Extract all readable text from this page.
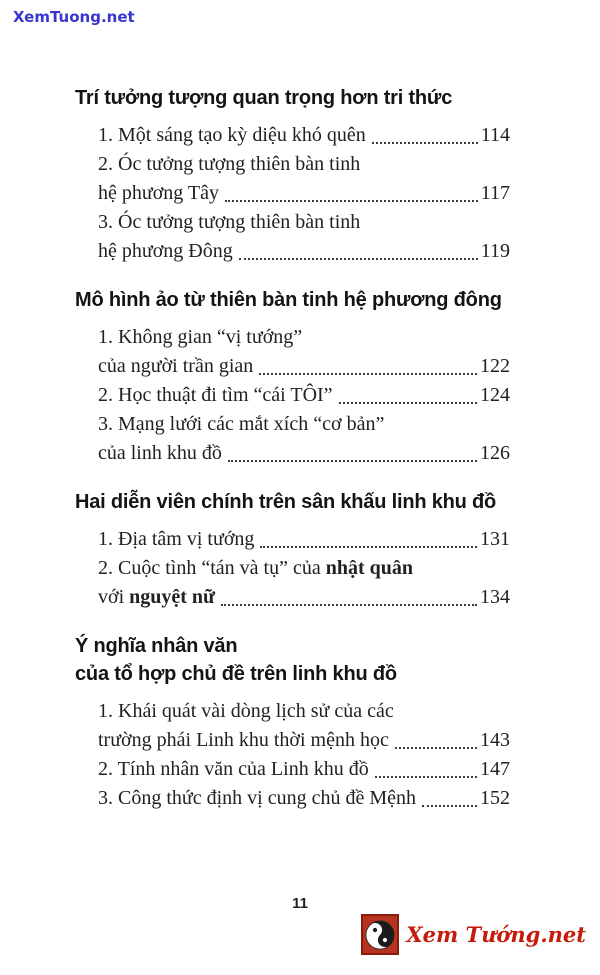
XemTuong.net
Trí tưởng tượng quan trọng hơn tri thức
1. Một sáng tạo kỳ diệu khó quên	114
2. Óc tưởng tượng thiên bàn tinh
hệ phương Tây	117
3. Óc tưởng tượng thiên bàn tinh
hệ phương Đông	119
Mô hình ảo từ thiên bàn tinh hệ phương đông
1. Không gian “vị tướng”
của người trần gian	122
2. Học thuật đi tìm “cái TÔI”	124
3. Mạng lưới các mắt xích “cơ bản”
của linh khu đồ	126
Hai diễn viên chính trên sân khấu linh khu đồ
1. Địa tâm vị tướng	131
2. Cuộc tình “tán và tụ” của nhật quân
với nguyệt nữ	134
Ý nghĩa nhân văn
của tổ hợp chủ đề trên linh khu đồ
1. Khái quát vài dòng lịch sử của các
trường phái Linh khu thời mệnh học	143
2. Tính nhân văn của Linh khu đồ	147
3. Công thức định vị cung chủ đề Mệnh	152
11
Xem Tướng.net
